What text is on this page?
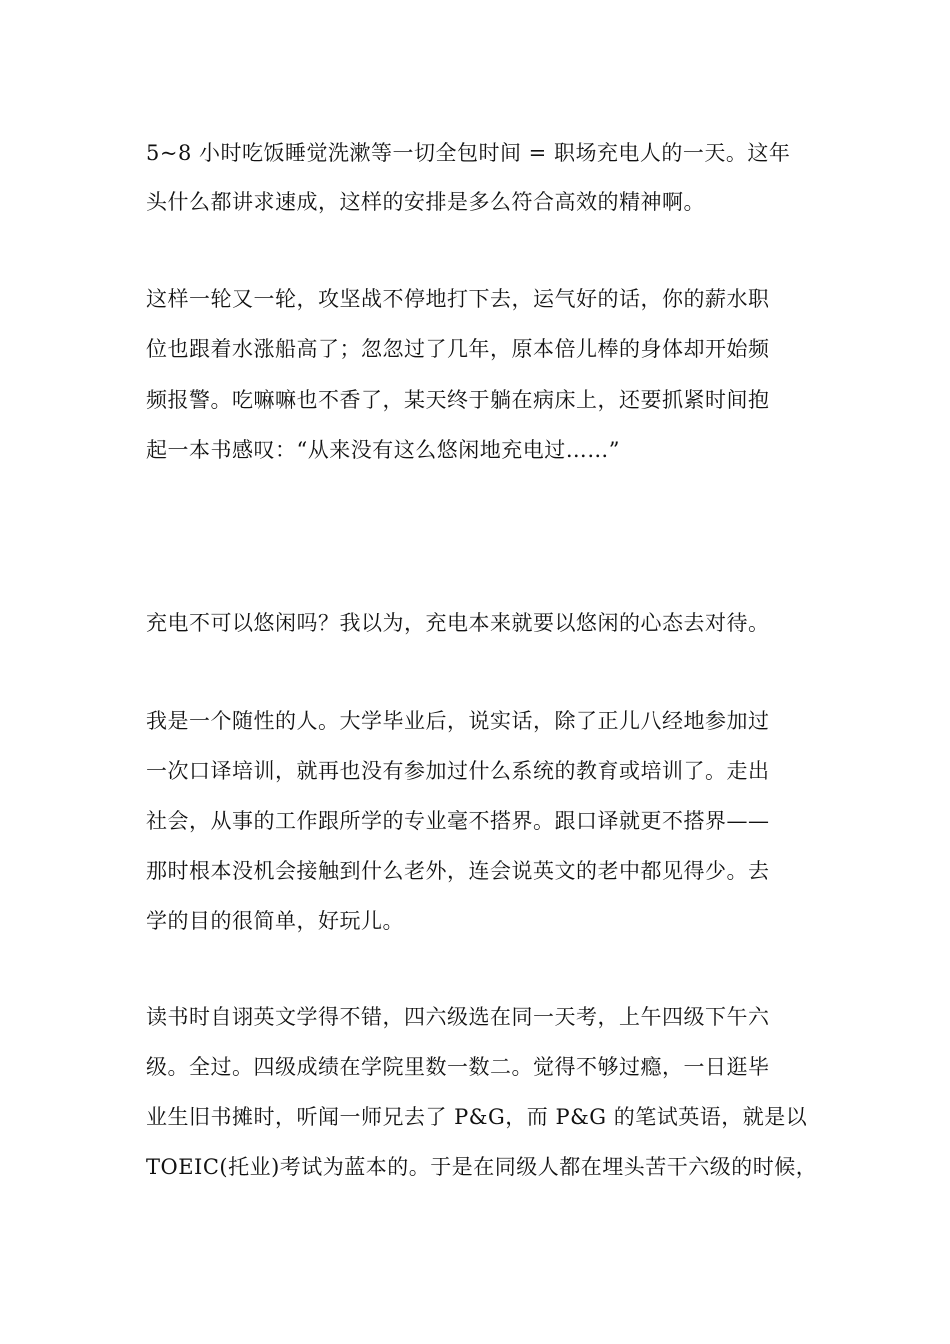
5~8 小时吃饭睡觉洗漱等一切全包时间 = 职场充电人的一天。这年
头什么都讲求速成，这样的安排是多么符合高效的精神啊。
这样一轮又一轮，攻坚战不停地打下去，运气好的话，你的薪水职
位也跟着水涨船高了；忽忽过了几年，原本倍儿棒的身体却开始频
频报警。吃嘛嘛也不香了，某天终于躺在病床上，还要抓紧时间抱
起一本书感叹：“从来没有这么悠闲地充电过……”
充电不可以悠闲吗？我以为，充电本来就要以悠闲的心态去对待。
我是一个随性的人。大学毕业后，说实话，除了正儿八经地参加过
一次口译培训，就再也没有参加过什么系统的教育或培训了。走出
社会，从事的工作跟所学的专业毫不搭界。跟口译就更不搭界——
那时根本没机会接触到什么老外，连会说英文的老中都见得少。去
学的目的很简单，好玩儿。
读书时自诩英文学得不错，四六级选在同一天考，上午四级下午六
级。全过。四级成绩在学院里数一数二。觉得不够过瘾，一日逛毕
业生旧书摊时，听闻一师兄去了 P&G，而 P&G 的笔试英语，就是以
TOEIC(托业)考试为蓝本的。于是在同级人都在埋头苦干六级的时候，
